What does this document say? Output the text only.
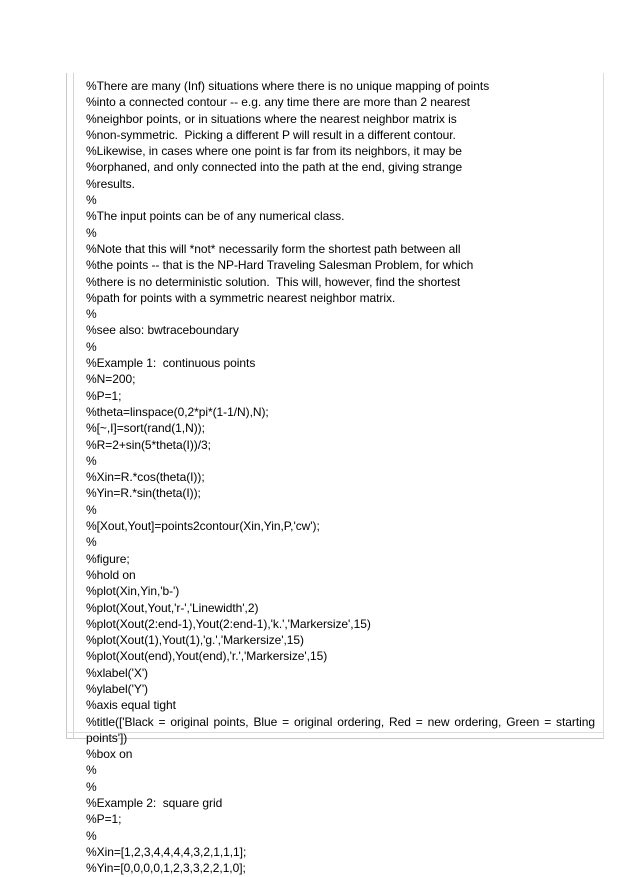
%There are many (Inf) situations where there is no unique mapping of points
%into a connected contour -- e.g. any time there are more than 2 nearest
%neighbor points, or in situations where the nearest neighbor matrix is
%non-symmetric.  Picking a different P will result in a different contour.
%Likewise, in cases where one point is far from its neighbors, it may be
%orphaned, and only connected into the path at the end, giving strange
%results.
%
%The input points can be of any numerical class.
%
%Note that this will *not* necessarily form the shortest path between all
%the points -- that is the NP-Hard Traveling Salesman Problem, for which
%there is no deterministic solution.  This will, however, find the shortest
%path for points with a symmetric nearest neighbor matrix.
%
%see also: bwtraceboundary
%
%Example 1:  continuous points
%N=200;
%P=1;
%theta=linspace(0,2*pi*(1-1/N),N);
%[~,I]=sort(rand(1,N));
%R=2+sin(5*theta(I))/3;
%
%Xin=R.*cos(theta(I));
%Yin=R.*sin(theta(I));
%
%[Xout,Yout]=points2contour(Xin,Yin,P,'cw');
%
%figure;
%hold on
%plot(Xin,Yin,'b-')
%plot(Xout,Yout,'r-','Linewidth',2)
%plot(Xout(2:end-1),Yout(2:end-1),'k.','Markersize',15)
%plot(Xout(1),Yout(1),'g.','Markersize',15)
%plot(Xout(end),Yout(end),'r.','Markersize',15)
%xlabel('X')
%ylabel('Y')
%axis equal tight
%title(['Black = original points, Blue = original ordering, Red = new ordering, Green = starting points'])
%box on
%
%
%Example 2:  square grid
%P=1;
%
%Xin=[1,2,3,4,4,4,4,3,2,1,1,1];
%Yin=[0,0,0,0,1,2,3,3,2,2,1,0];
